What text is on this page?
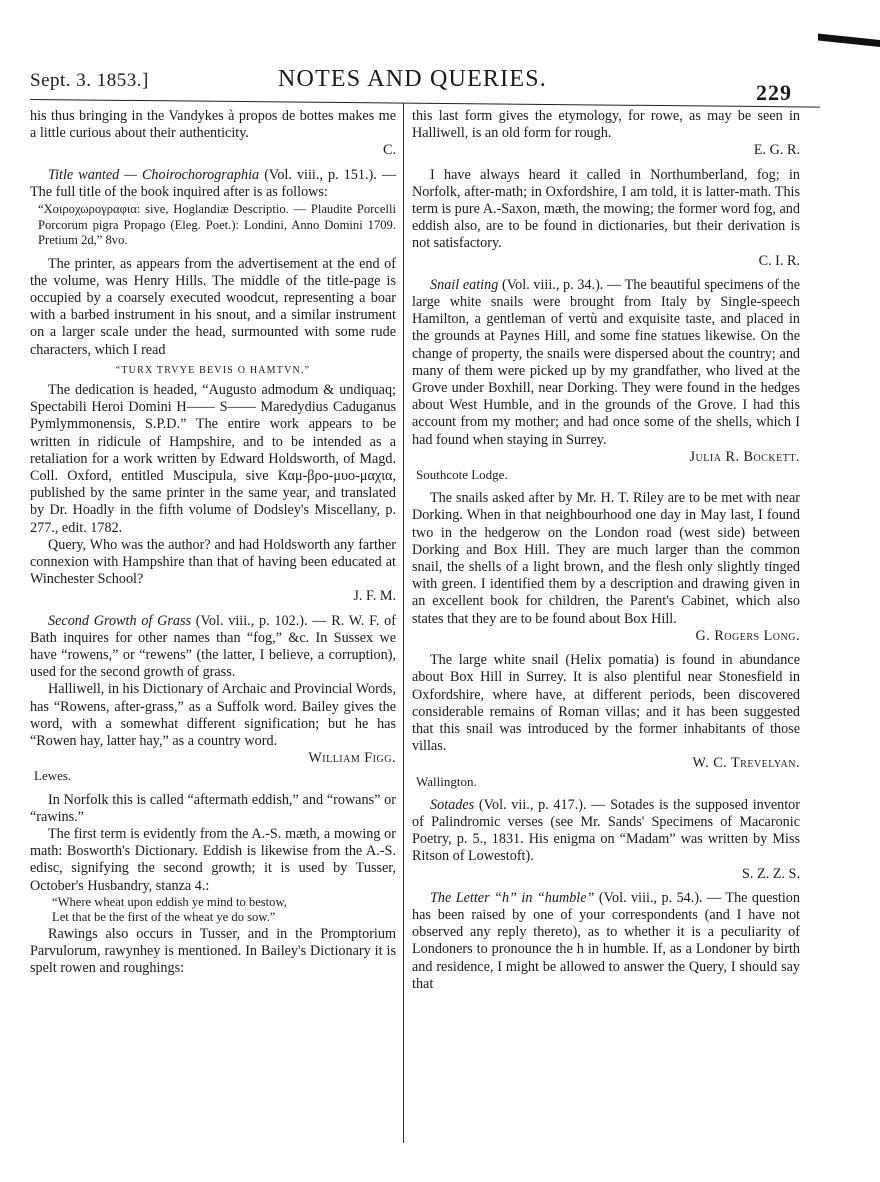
Sept. 3. 1853.]	NOTES AND QUERIES.
229

his thus bringing in the Vandykes à propos de bottes makes me a little curious about their authenticity.

C.

Title wanted — Choirochorographia (Vol. viii., p. 151.). — The full title of the book inquired after is as follows:

“Χοιροχωρογραφια: sive, Hoglandiæ Descriptio. — Plaudite Porcelli Porcorum pigra Propago (Eleg. Poet.): Londini, Anno Domini 1709. Pretium 2d,” 8vo.

The printer, as appears from the advertisement at the end of the volume, was Henry Hills. The middle of the title-page is occupied by a coarsely executed woodcut, representing a boar with a barbed instrument in his snout, and a similar instrument on a larger scale under the head, surmounted with some rude characters, which I read

“TURX TRVYE BEVIS O HAMTVN.”

The dedication is headed, “Augusto admodum & undiquaq; Spectabili Heroi Domini H—— S—— Maredydius Caduganus Pymlymmonensis, S.P.D.” The entire work appears to be written in ridicule of Hampshire, and to be intended as a retaliation for a work written by Edward Holdsworth, of Magd. Coll. Oxford, entitled Muscipula, sive Καμ-βρο-μυο-μαχια, published by the same printer in the same year, and translated by Dr. Hoadly in the fifth volume of Dodsley's Miscellany, p. 277., edit. 1782.

Query, Who was the author? and had Holdsworth any farther connexion with Hampshire than that of having been educated at Winchester School?

J. F. M.

Second Growth of Grass (Vol. viii., p. 102.). — R. W. F. of Bath inquires for other names than “fog,” &c. In Sussex we have “rowens,” or “rewens” (the latter, I believe, a corruption), used for the second growth of grass.

Halliwell, in his Dictionary of Archaic and Provincial Words, has “Rowens, after-grass,” as a Suffolk word. Bailey gives the word, with a somewhat different signification; but he has “Rowen hay, latter hay,” as a country word.

William Figg.

Lewes.

In Norfolk this is called “aftermath eddish,” and “rowans” or “rawins.”

The first term is evidently from the A.-S. mæth, a mowing or math: Bosworth's Dictionary. Eddish is likewise from the A.-S. edisc, signifying the second growth; it is used by Tusser, October's Husbandry, stanza 4.:

“Where wheat upon eddish ye mind to bestow,

Let that be the first of the wheat ye do sow.”

Rawings also occurs in Tusser, and in the Promptorium Parvulorum, rawynhey is mentioned. In Bailey's Dictionary it is spelt rowen and roughings:

this last form gives the etymology, for rowe, as may be seen in Halliwell, is an old form for rough.

E. G. R.

I have always heard it called in Northumberland, fog; in Norfolk, after-math; in Oxfordshire, I am told, it is latter-math. This term is pure A.-Saxon, mæth, the mowing; the former word fog, and eddish also, are to be found in dictionaries, but their derivation is not satisfactory.

C. I. R.

Snail eating (Vol. viii., p. 34.). — The beautiful specimens of the large white snails were brought from Italy by Single-speech Hamilton, a gentleman of vertù and exquisite taste, and placed in the grounds at Paynes Hill, and some fine statues likewise. On the change of property, the snails were dispersed about the country; and many of them were picked up by my grandfather, who lived at the Grove under Boxhill, near Dorking. They were found in the hedges about West Humble, and in the grounds of the Grove. I had this account from my mother; and had once some of the shells, which I had found when staying in Surrey.

Julia R. Bockett.

Southcote Lodge.

The snails asked after by Mr. H. T. Riley are to be met with near Dorking. When in that neighbourhood one day in May last, I found two in the hedgerow on the London road (west side) between Dorking and Box Hill. They are much larger than the common snail, the shells of a light brown, and the flesh only slightly tinged with green. I identified them by a description and drawing given in an excellent book for children, the Parent's Cabinet, which also states that they are to be found about Box Hill.

G. Rogers Long.

The large white snail (Helix pomatia) is found in abundance about Box Hill in Surrey. It is also plentiful near Stonesfield in Oxfordshire, where have, at different periods, been discovered considerable remains of Roman villas; and it has been suggested that this snail was introduced by the former inhabitants of those villas.

W. C. Trevelyan.

Wallington.

Sotades (Vol. vii., p. 417.). — Sotades is the supposed inventor of Palindromic verses (see Mr. Sands' Specimens of Macaronic Poetry, p. 5., 1831. His enigma on “Madam” was written by Miss Ritson of Lowestoft).

S. Z. Z. S.

The Letter “h” in “humble” (Vol. viii., p. 54.). — The question has been raised by one of your correspondents (and I have not observed any reply thereto), as to whether it is a peculiarity of Londoners to pronounce the h in humble. If, as a Londoner by birth and residence, I might be allowed to answer the Query, I should say that
